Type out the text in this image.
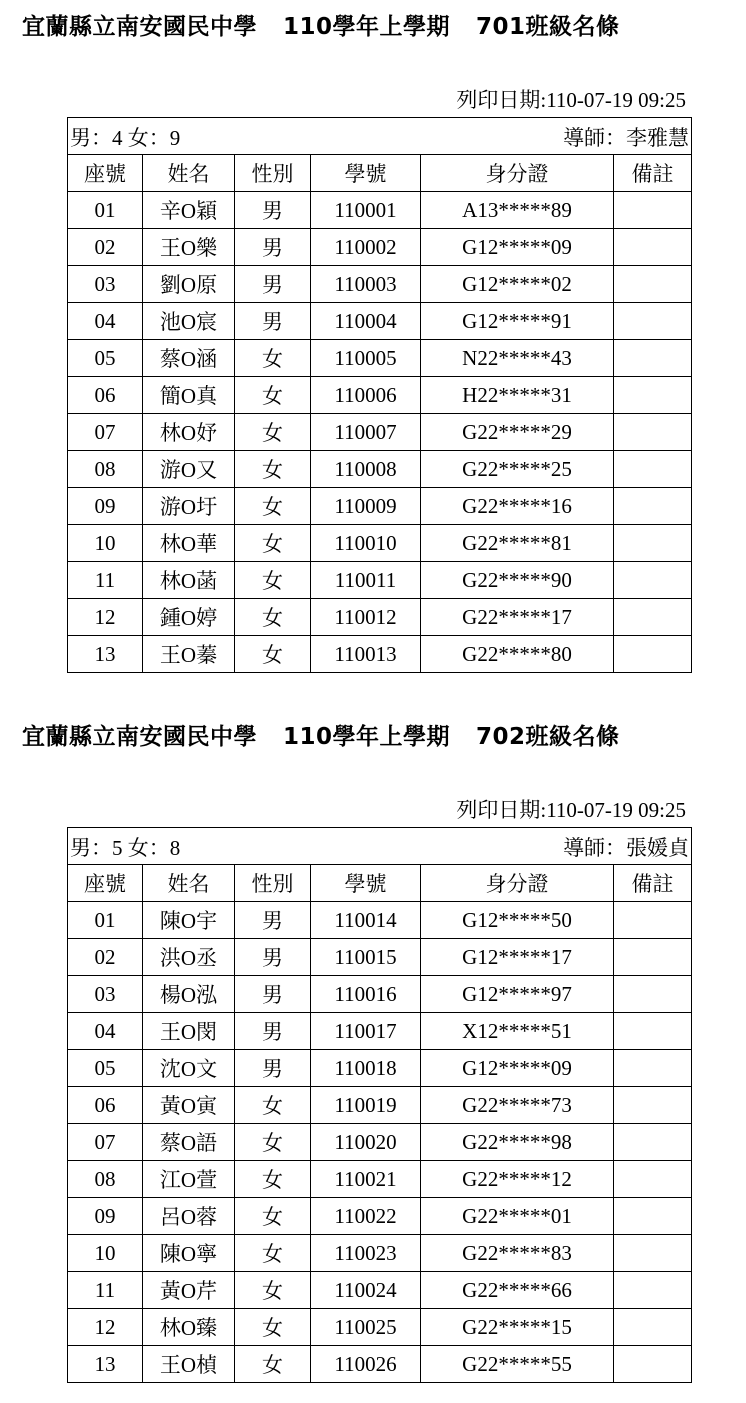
宜蘭縣立南安國民中學 110學年上學期 701班級名條
列印日期:110-07-19 09:25
男：4 女：9 導師：李雅慧					

座號	姓名	性別	學號	身分證	備註
01	辛O穎	男	110001	A13*****89	
02	王O樂	男	110002	G12*****09	
03	劉O原	男	110003	G12*****02	
04	池O宸	男	110004	G12*****91	
05	蔡O涵	女	110005	N22*****43	
06	簡O真	女	110006	H22*****31	
07	林O妤	女	110007	G22*****29	
08	游O又	女	110008	G22*****25	
09	游O圩	女	110009	G22*****16	
10	林O華	女	110010	G22*****81	
11	林O菡	女	110011	G22*****90	
12	鍾O婷	女	110012	G22*****17	
13	王O蓁	女	110013	G22*****80	
宜蘭縣立南安國民中學 110學年上學期 702班級名條
列印日期:110-07-19 09:25
男：5 女：8 導師：張媛貞					

座號	姓名	性別	學號	身分證	備註
01	陳O宇	男	110014	G12*****50	
02	洪O丞	男	110015	G12*****17	
03	楊O泓	男	110016	G12*****97	
04	王O閔	男	110017	X12*****51	
05	沈O文	男	110018	G12*****09	
06	黃O寅	女	110019	G22*****73	
07	蔡O語	女	110020	G22*****98	
08	江O萱	女	110021	G22*****12	
09	呂O蓉	女	110022	G22*****01	
10	陳O寧	女	110023	G22*****83	
11	黃O芹	女	110024	G22*****66	
12	林O臻	女	110025	G22*****15	
13	王O楨	女	110026	G22*****55	
